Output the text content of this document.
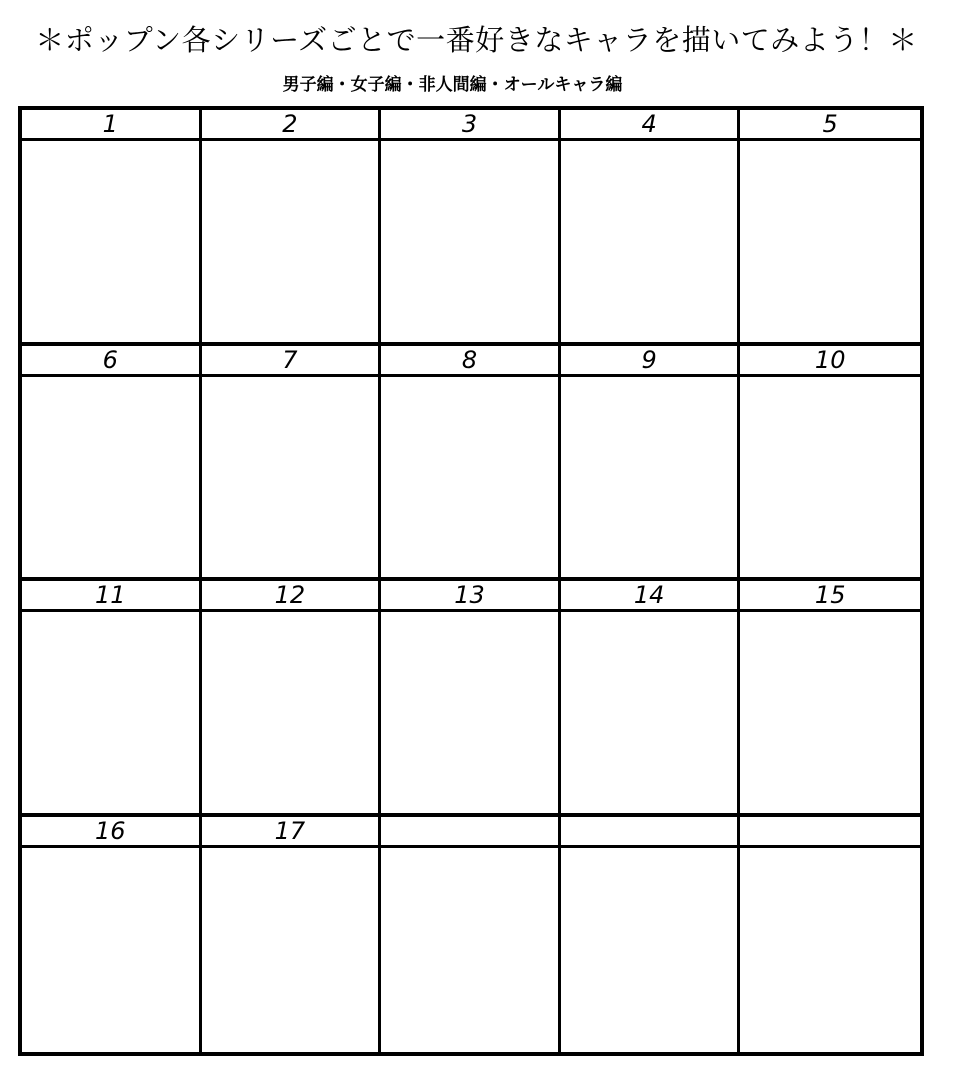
＊ポップン各シリーズごとで一番好きなキャラを描いてみよう！＊
男子編・女子編・非人間編・オールキャラ編
1	2	3	4	5
6	7	8	9	10
11	12	13	14	15
16	17
